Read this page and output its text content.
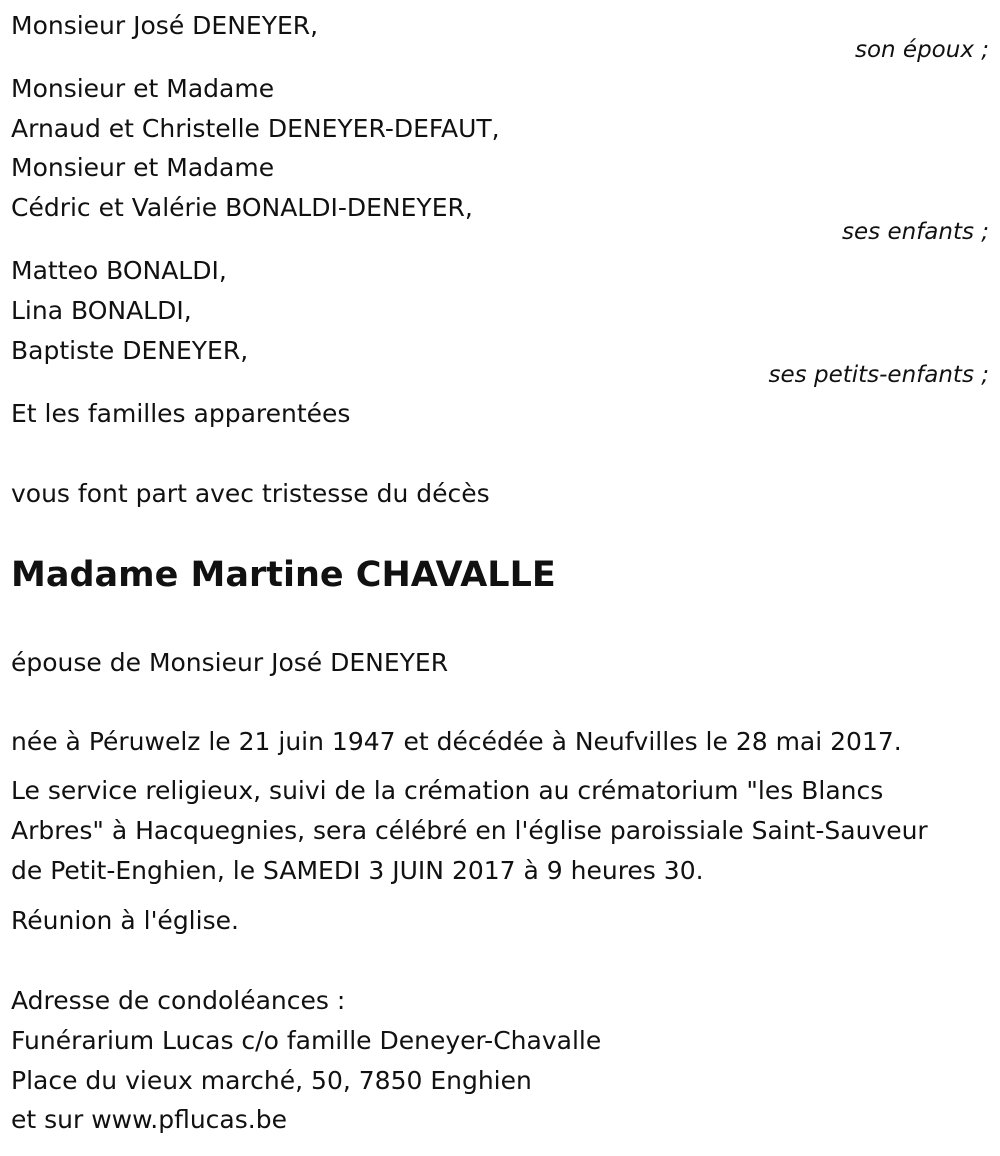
Monsieur José DENEYER,
son époux ;
Monsieur et Madame
Arnaud et Christelle DENEYER-DEFAUT,
Monsieur et Madame
Cédric et Valérie BONALDI-DENEYER,
ses enfants ;
Matteo BONALDI,
Lina BONALDI,
Baptiste DENEYER,
ses petits-enfants ;
Et les familles apparentées
vous font part avec tristesse du décès
Madame Martine CHAVALLE
épouse de Monsieur José DENEYER
née à Péruwelz le 21 juin 1947 et décédée à Neufvilles le 28 mai 2017.
Le service religieux, suivi de la crémation au crématorium "les Blancs
Arbres" à Hacquegnies, sera célébré en l'église paroissiale Saint-Sauveur
de Petit-Enghien, le SAMEDI 3 JUIN 2017 à 9 heures 30.
Réunion à l'église.
Adresse de condoléances :
Funérarium Lucas c/o famille Deneyer-Chavalle
Place du vieux marché, 50, 7850 Enghien
et sur www.pflucas.be
